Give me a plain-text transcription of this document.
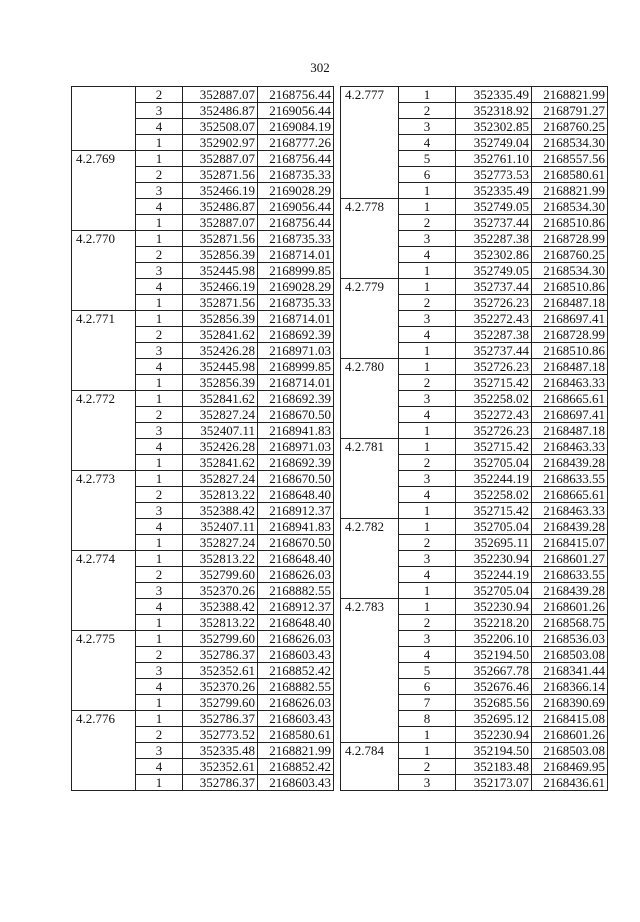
302
	2	352887.07	2168756.44
	3	352486.87	2169056.44
	4	352508.07	2169084.19
	1	352902.97	2168777.26
4.2.769	1	352887.07	2168756.44
	2	352871.56	2168735.33
	3	352466.19	2169028.29
	4	352486.87	2169056.44
	1	352887.07	2168756.44
4.2.770	1	352871.56	2168735.33
	2	352856.39	2168714.01
	3	352445.98	2168999.85
	4	352466.19	2169028.29
	1	352871.56	2168735.33
4.2.771	1	352856.39	2168714.01
	2	352841.62	2168692.39
	3	352426.28	2168971.03
	4	352445.98	2168999.85
	1	352856.39	2168714.01
4.2.772	1	352841.62	2168692.39
	2	352827.24	2168670.50
	3	352407.11	2168941.83
	4	352426.28	2168971.03
	1	352841.62	2168692.39
4.2.773	1	352827.24	2168670.50
	2	352813.22	2168648.40
	3	352388.42	2168912.37
	4	352407.11	2168941.83
	1	352827.24	2168670.50
4.2.774	1	352813.22	2168648.40
	2	352799.60	2168626.03
	3	352370.26	2168882.55
	4	352388.42	2168912.37
	1	352813.22	2168648.40
4.2.775	1	352799.60	2168626.03
	2	352786.37	2168603.43
	3	352352.61	2168852.42
	4	352370.26	2168882.55
	1	352799.60	2168626.03
4.2.776	1	352786.37	2168603.43
	2	352773.52	2168580.61
	3	352335.48	2168821.99
	4	352352.61	2168852.42
	1	352786.37	2168603.43
4.2.777	1	352335.49	2168821.99
	2	352318.92	2168791.27
	3	352302.85	2168760.25
	4	352749.04	2168534.30
	5	352761.10	2168557.56
	6	352773.53	2168580.61
	1	352335.49	2168821.99
4.2.778	1	352749.05	2168534.30
	2	352737.44	2168510.86
	3	352287.38	2168728.99
	4	352302.86	2168760.25
	1	352749.05	2168534.30
4.2.779	1	352737.44	2168510.86
	2	352726.23	2168487.18
	3	352272.43	2168697.41
	4	352287.38	2168728.99
	1	352737.44	2168510.86
4.2.780	1	352726.23	2168487.18
	2	352715.42	2168463.33
	3	352258.02	2168665.61
	4	352272.43	2168697.41
	1	352726.23	2168487.18
4.2.781	1	352715.42	2168463.33
	2	352705.04	2168439.28
	3	352244.19	2168633.55
	4	352258.02	2168665.61
	1	352715.42	2168463.33
4.2.782	1	352705.04	2168439.28
	2	352695.11	2168415.07
	3	352230.94	2168601.27
	4	352244.19	2168633.55
	1	352705.04	2168439.28
4.2.783	1	352230.94	2168601.26
	2	352218.20	2168568.75
	3	352206.10	2168536.03
	4	352194.50	2168503.08
	5	352667.78	2168341.44
	6	352676.46	2168366.14
	7	352685.56	2168390.69
	8	352695.12	2168415.08
	1	352230.94	2168601.26
4.2.784	1	352194.50	2168503.08
	2	352183.48	2168469.95
	3	352173.07	2168436.61
